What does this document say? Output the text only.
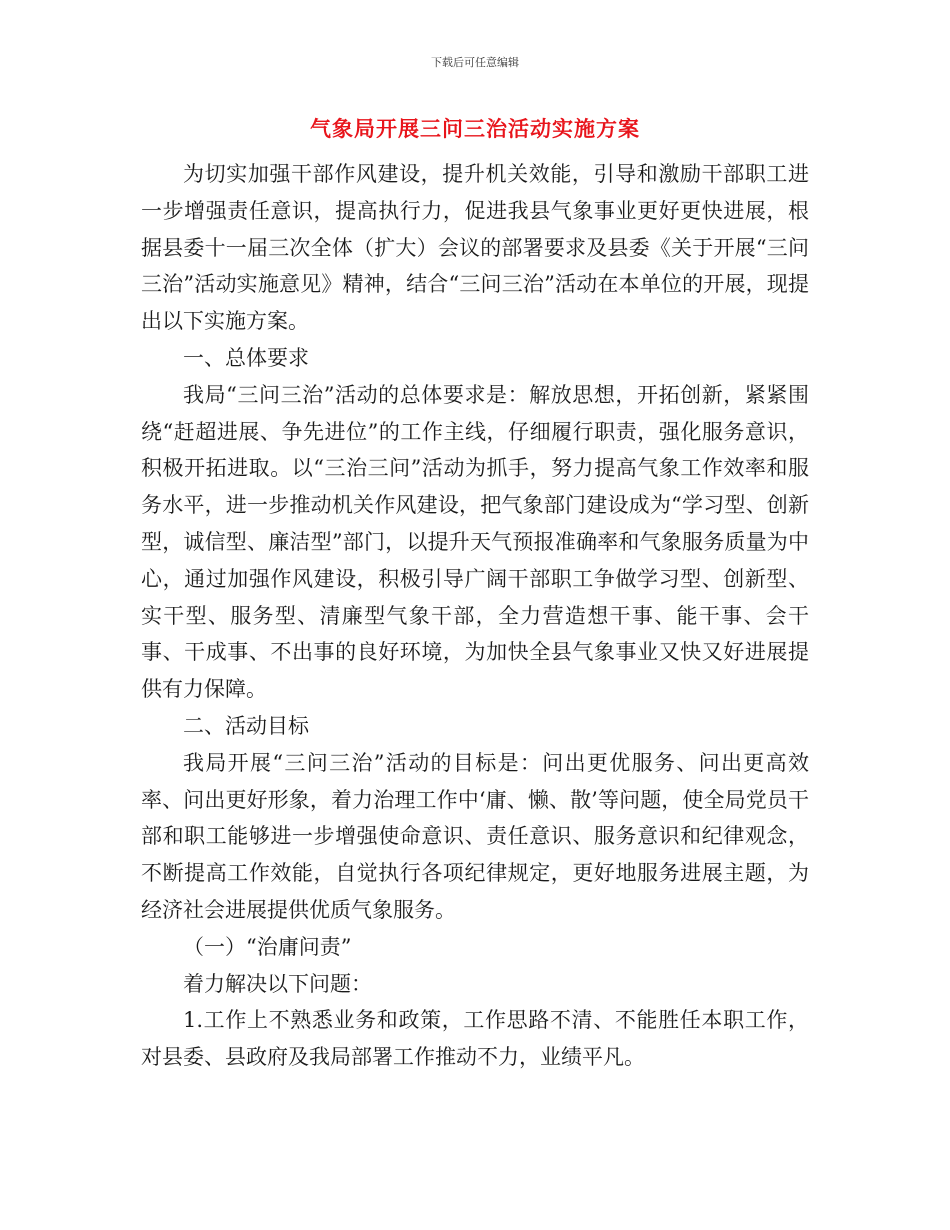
下载后可任意编辑
气象局开展三问三治活动实施方案

为切实加强干部作风建设，提升机关效能，引导和激励干部职工进一步增强责任意识，提高执行力，促进我县气象事业更好更快进展，根据县委十一届三次全体（扩大）会议的部署要求及县委《关于开展“三问三治”活动实施意见》精神，结合“三问三治”活动在本单位的开展，现提出以下实施方案。

一、总体要求

我局“三问三治”活动的总体要求是：解放思想，开拓创新，紧紧围绕“赶超进展、争先进位”的工作主线，仔细履行职责，强化服务意识，积极开拓进取。以“三治三问”活动为抓手，努力提高气象工作效率和服务水平，进一步推动机关作风建设，把气象部门建设成为“学习型、创新型，诚信型、廉洁型”部门，以提升天气预报准确率和气象服务质量为中心，通过加强作风建设，积极引导广阔干部职工争做学习型、创新型、实干型、服务型、清廉型气象干部，全力营造想干事、能干事、会干事、干成事、不出事的良好环境，为加快全县气象事业又快又好进展提供有力保障。

二、活动目标

我局开展“三问三治”活动的目标是：问出更优服务、问出更高效率、问出更好形象，着力治理工作中‘庸、懒、散’等问题，使全局党员干部和职工能够进一步增强使命意识、责任意识、服务意识和纪律观念，不断提高工作效能，自觉执行各项纪律规定，更好地服务进展主题，为经济社会进展提供优质气象服务。

（一）“治庸问责”

着力解决以下问题：

1.工作上不熟悉业务和政策，工作思路不清、不能胜任本职工作，对县委、县政府及我局部署工作推动不力，业绩平凡。
